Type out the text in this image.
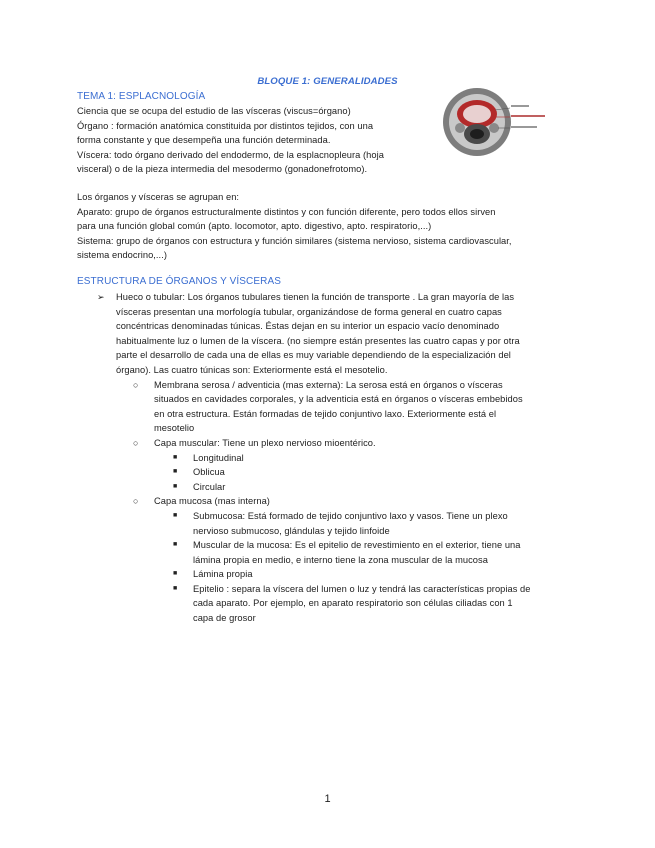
BLOQUE 1: GENERALIDADES
TEMA 1: ESPLACNOLOGÍA
Ciencia que se ocupa del estudio de las vísceras (viscus=órgano)
Órgano : formación anatómica constituida por distintos tejidos, con una
forma constante y que desempeña una función determinada.
Víscera: todo órgano derivado del endodermo, de la esplacnopleura (hoja
visceral) o de la pieza intermedia del mesodermo (gonadonefrotomo).
Los órganos y vísceras se agrupan en:
Aparato: grupo de órganos estructuralmente distintos y con función diferente, pero todos ellos sirven
para una función global común (apto. locomotor, apto. digestivo, apto. respiratorio,...)
Sistema: grupo de órganos con estructura y función similares (sistema nervioso, sistema cardiovascular,
sistema endocrino,...)
ESTRUCTURA DE ÓRGANOS Y VÍSCERAS
➢ Hueco o tubular: Los órganos tubulares tienen la función de transporte . La gran mayoría de las
vísceras presentan una morfología tubular, organizándose de forma general en cuatro capas
concéntricas denominadas túnicas. Éstas dejan en su interior un espacio vacío denominado
habitualmente luz o lumen de la víscera. (no siempre están presentes las cuatro capas y por otra
parte el desarrollo de cada una de ellas es muy variable dependiendo de la especialización del
órgano). Las cuatro túnicas son: Exteriormente está el mesotelio.
○ Membrana serosa / adventicia (mas externa): La serosa está en órganos o vísceras
situados en cavidades corporales, y la adventicia está en órganos o vísceras embebidos
en otra estructura. Están formadas de tejido conjuntivo laxo. Exteriormente está el
mesotelio
○ Capa muscular: Tiene un plexo nervioso mioentérico.
■ Longitudinal
■ Oblicua
■ Circular
○ Capa mucosa (mas interna)
■ Submucosa: Está formado de tejido conjuntivo laxo y vasos. Tiene un plexo
nervioso submucoso, glándulas y tejido linfoide
■ Muscular de la mucosa: Es el epitelio de revestimiento en el exterior, tiene una
lámina propia en medio, e interno tiene la zona muscular de la mucosa
■ Lámina propia
■ Epitelio : separa la víscera del lumen o luz y tendrá las características propias de
cada aparato. Por ejemplo, en aparato respiratorio son células ciliadas con 1
capa de grosor
1
